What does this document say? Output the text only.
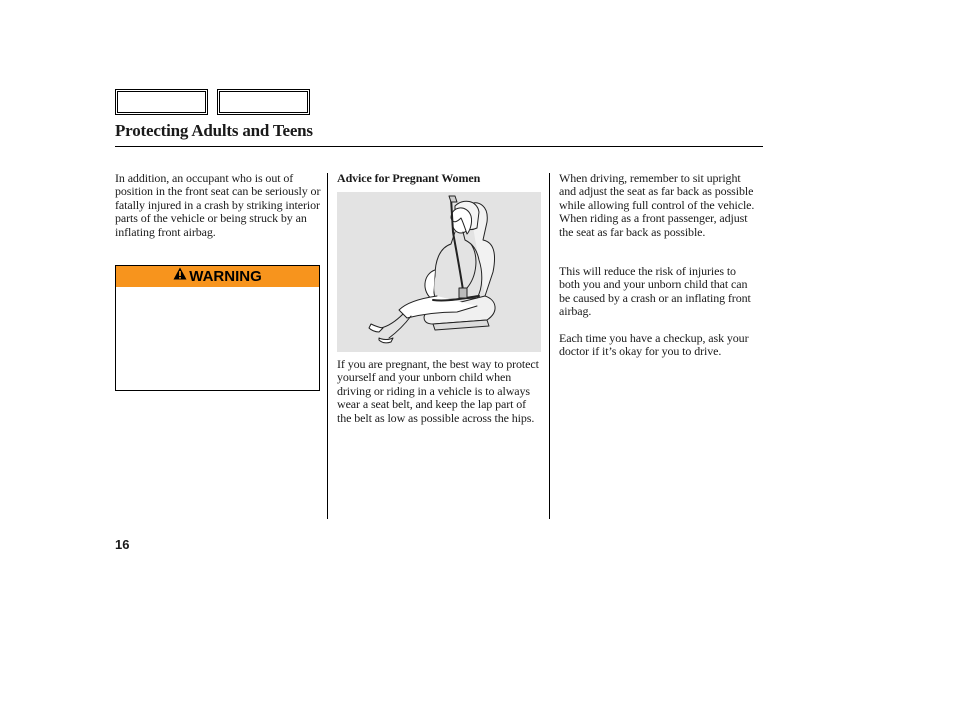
Protecting Adults and Teens

In addition, an occupant who is out of position in the front seat can be seriously or fatally injured in a crash by striking interior parts of the vehicle or being struck by an inflating front airbag.

WARNING

Advice for Pregnant Women

If you are pregnant, the best way to protect yourself and your unborn child when driving or riding in a vehicle is to always wear a seat belt, and keep the lap part of the belt as low as possible across the hips.

When driving, remember to sit upright and adjust the seat as far back as possible while allowing full control of the vehicle. When riding as a front passenger, adjust the seat as far back as possible.

This will reduce the risk of injuries to both you and your unborn child that can be caused by a crash or an inflating front airbag.

Each time you have a checkup, ask your doctor if it’s okay for you to drive.

16
